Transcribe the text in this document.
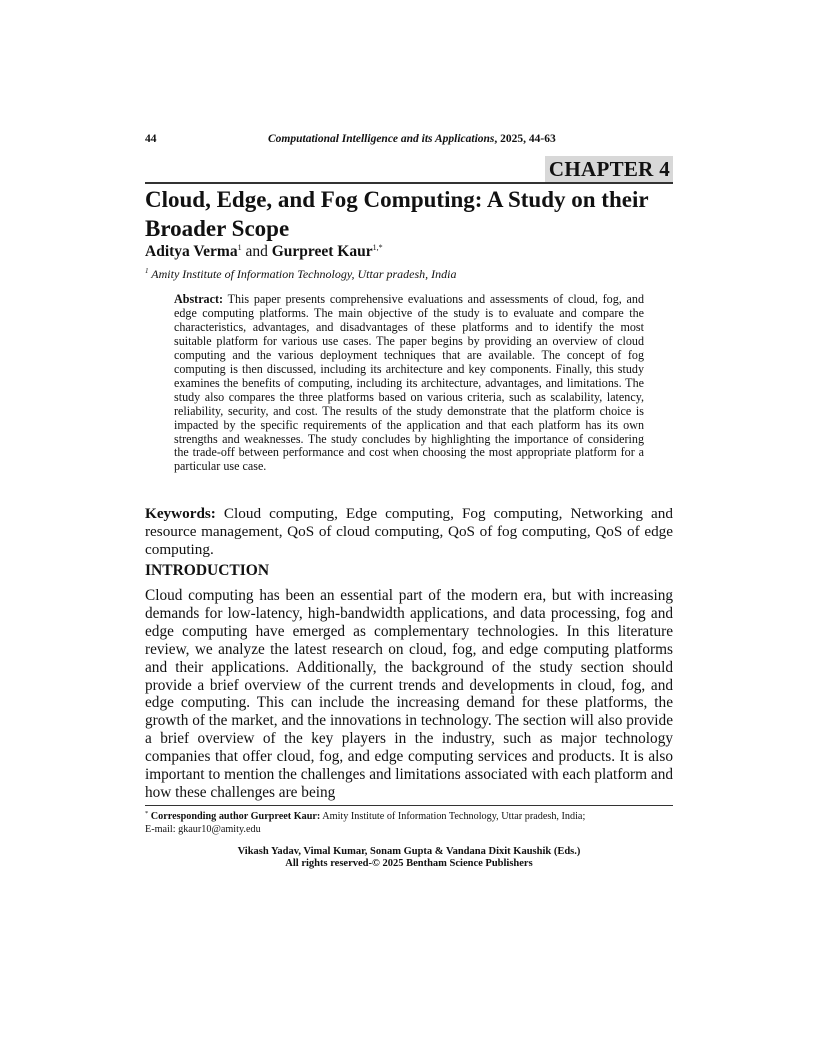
44	Computational Intelligence and its Applications, 2025, 44-63
CHAPTER 4
Cloud, Edge, and Fog Computing: A Study on their Broader Scope
Aditya Verma$^1$ and Gurpreet Kaur$^{1,*}$
$^1$ Amity Institute of Information Technology, Uttar pradesh, India

Abstract: This paper presents comprehensive evaluations and assessments of cloud, fog, and edge computing platforms. The main objective of the study is to evaluate and compare the characteristics, advantages, and disadvantages of these platforms and to identify the most suitable platform for various use cases. The paper begins by providing an overview of cloud computing and the various deployment techniques that are available. The concept of fog computing is then discussed, including its architecture and key components. Finally, this study examines the benefits of computing, including its architecture, advantages, and limitations. The study also compares the three platforms based on various criteria, such as scalability, latency, reliability, security, and cost. The results of the study demonstrate that the platform choice is impacted by the specific requirements of the application and that each platform has its own strengths and weaknesses. The study concludes by highlighting the importance of considering the trade-off between performance and cost when choosing the most appropriate platform for a particular use case.

Keywords: Cloud computing, Edge computing, Fog computing, Networking and resource management, QoS of cloud computing, QoS of fog computing, QoS of edge computing.

INTRODUCTION

Cloud computing has been an essential part of the modern era, but with increasing demands for low-latency, high-bandwidth applications, and data processing, fog and edge computing have emerged as complementary technologies. In this literature review, we analyze the latest research on cloud, fog, and edge computing platforms and their applications. Additionally, the background of the study section should provide a brief overview of the current trends and developments in cloud, fog, and edge computing. This can include the increasing demand for these platforms, the growth of the market, and the innovations in technology. The section will also provide a brief overview of the key players in the industry, such as major technology companies that offer cloud, fog, and edge computing services and products. It is also important to mention the challenges and limitations associated with each platform and how these challenges are being

* Corresponding author Gurpreet Kaur: Amity Institute of Information Technology, Uttar pradesh, India;
E-mail: gkaur10@amity.edu

Vikash Yadav, Vimal Kumar, Sonam Gupta & Vandana Dixit Kaushik (Eds.)
All rights reserved-© 2025 Bentham Science Publishers
